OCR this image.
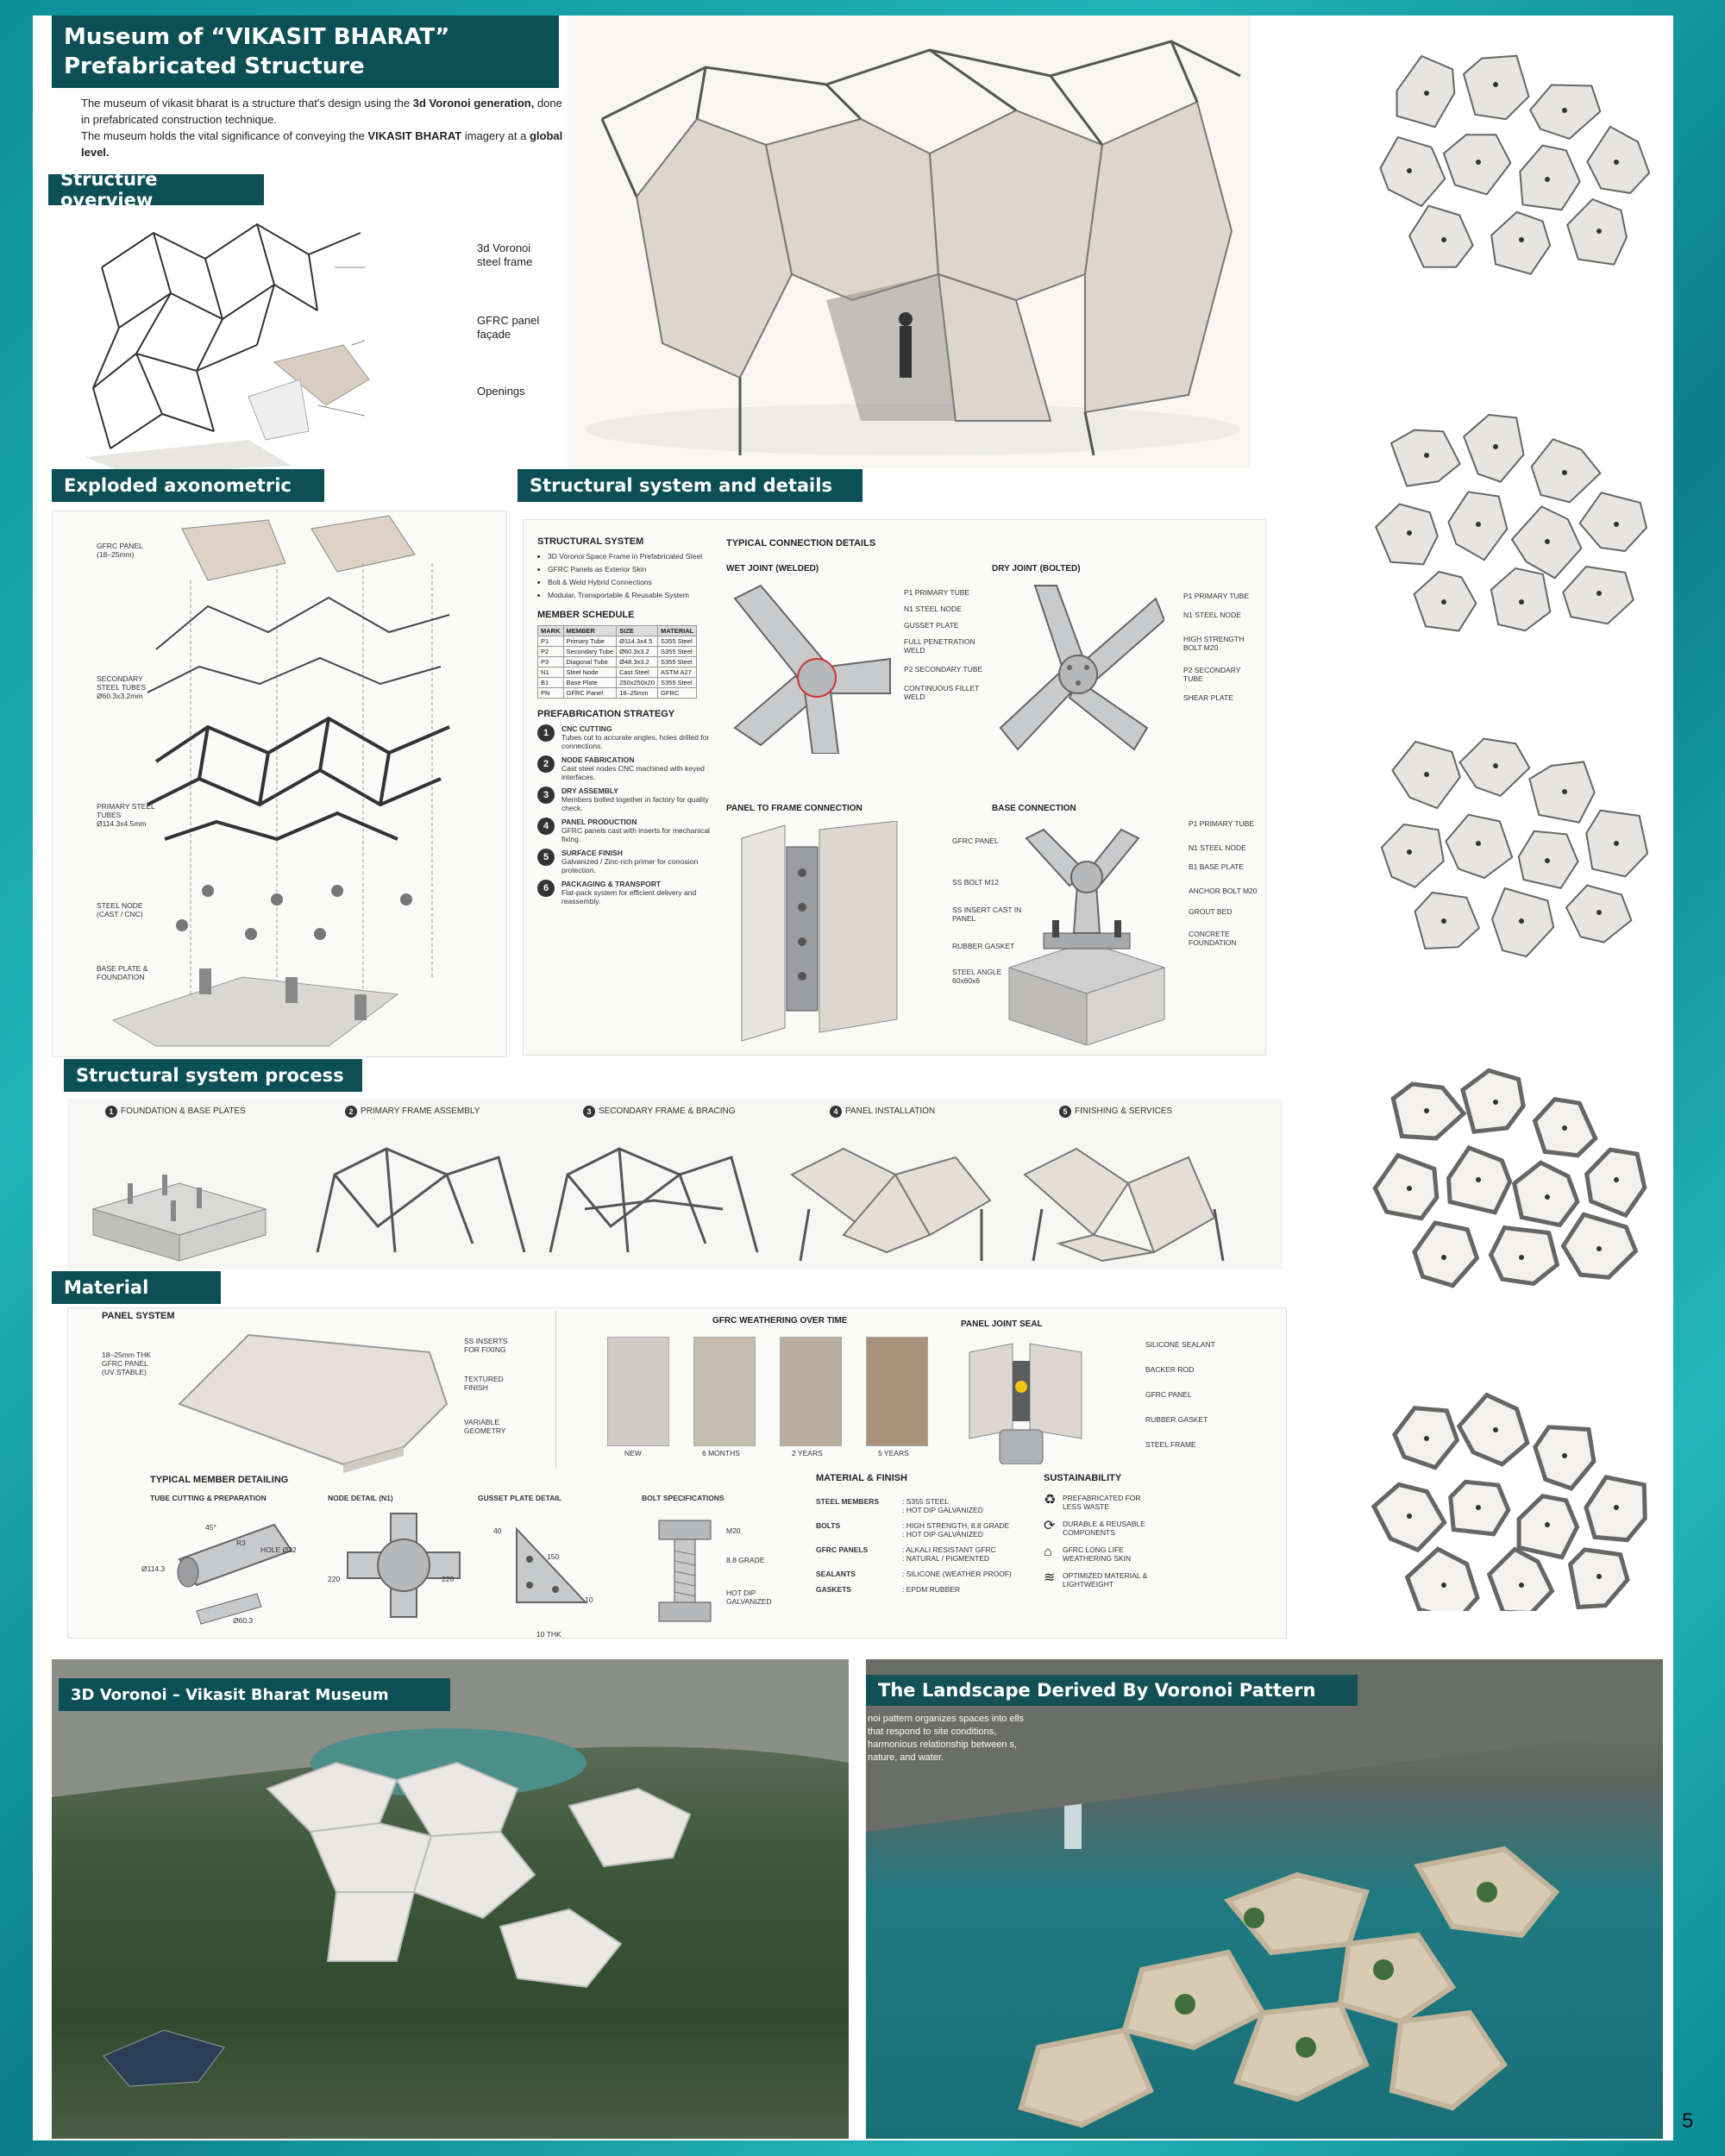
Museum of “VIKASIT BHARAT”
Prefabricated Structure
The museum of vikasit bharat is a structure that's design using the 3d Voronoi generation, done in prefabricated construction technique.
The museum holds the vital significance of conveying the VIKASIT BHARAT imagery at a global level.
Structure overview
3d Voronoi steel frame
GFRC panel façade
Openings
Exploded axonometric
GFRC PANEL (18–25mm)
SECONDARY STEEL TUBES Ø60.3x3.2mm
PRIMARY STEEL TUBES Ø114.3x4.5mm
STEEL NODE (CAST / CNC)
BASE PLATE & FOUNDATION
Structural system and details
STRUCTURAL SYSTEM
• 3D Voronoi Space Frame in Prefabricated Steel
• GFRC Panels as Exterior Skin
• Bolt & Weld Hybrid Connections
• Modular, Transportable & Reusable System
MEMBER SCHEDULE
MARK	MEMBER	SIZE	MATERIAL
P1	Primary Tube	Ø114.3x4.5	S355 Steel
P2	Secondary Tube	Ø60.3x3.2	S355 Steel
P3	Diagonal Tube	Ø48.3x3.2	S355 Steel
N1	Steel Node	Cast Steel	ASTM A27
B1	Base Plate	250x250x20	S355 Steel
PN	GFRC Panel	18–25mm	GFRC
PREFABRICATION STRATEGY
1	CNC CUTTING
Tubes cut to accurate angles, holes drilled for connections.
2	NODE FABRICATION
Cast steel nodes CNC machined with keyed interfaces.
3	DRY ASSEMBLY
Members bolted together in factory for quality check.
4	PANEL PRODUCTION
GFRC panels cast with inserts for mechanical fixing.
5	SURFACE FINISH
Galvanized / Zinc-rich primer for corrosion protection.
6	PACKAGING & TRANSPORT
Flat-pack system for efficient delivery and reassembly.
TYPICAL CONNECTION DETAILS
WET JOINT (WELDED)	DRY JOINT (BOLTED)
P1 PRIMARY TUBE
N1 STEEL NODE
GUSSET PLATE
FULL PENETRATION WELD
P2 SECONDARY TUBE
CONTINUOUS FILLET WELD
P1 PRIMARY TUBE
N1 STEEL NODE
HIGH STRENGTH BOLT M20
P2 SECONDARY TUBE
SHEAR PLATE
PANEL TO FRAME CONNECTION
GFRC PANEL
SS BOLT M12
SS INSERT CAST IN PANEL
RUBBER GASKET
STEEL ANGLE 60x60x6
BASE CONNECTION
P1 PRIMARY TUBE
N1 STEEL NODE
B1 BASE PLATE
ANCHOR BOLT M20
GROUT BED
CONCRETE FOUNDATION
Structural system process
1 FOUNDATION & BASE PLATES	2 PRIMARY FRAME ASSEMBLY	3 SECONDARY FRAME & BRACING	4 PANEL INSTALLATION	5 FINISHING & SERVICES
Material
PANEL SYSTEM
18–25mm THK GFRC PANEL (UV STABLE)
SS INSERTS FOR FIXING
TEXTURED FINISH
VARIABLE GEOMETRY
GFRC WEATHERING OVER TIME
NEW	6 MONTHS	2 YEARS	5 YEARS
PANEL JOINT SEAL
SILICONE SEALANT
BACKER ROD
GFRC PANEL
RUBBER GASKET
STEEL FRAME
TYPICAL MEMBER DETAILING
TUBE CUTTING & PREPARATION
45°
R3
HOLE Ø22
Ø114.3
Ø60.3
NODE DETAIL (N1)
220	220
GUSSET PLATE DETAIL
40
150
10
10 THK
BOLT SPECIFICATIONS
M20
8.8 GRADE
HOT DIP GALVANIZED
MATERIAL & FINISH
STEEL MEMBERS	: S355 STEEL
: HOT DIP GALVANIZED
BOLTS	: HIGH STRENGTH, 8.8 GRADE
: HOT DIP GALVANIZED
GFRC PANELS	: ALKALI RESISTANT GFRC
: NATURAL / PIGMENTED
SEALANTS	: SILICONE (WEATHER PROOF)
GASKETS	: EPDM RUBBER
SUSTAINABILITY
♻ PREFABRICATED FOR LESS WASTE
⟳	DURABLE & REUSABLE COMPONENTS
⌂	GFRC LONG LIFE WEATHERING SKIN
≋	OPTIMIZED MATERIAL & LIGHTWEIGHT
3D Voronoi – Vikasit Bharat Museum	The Landscape Derived By Voronoi Pattern
noi pattern organizes spaces into ells that respond to site conditions, harmonious relationship between s, nature, and water.
5
